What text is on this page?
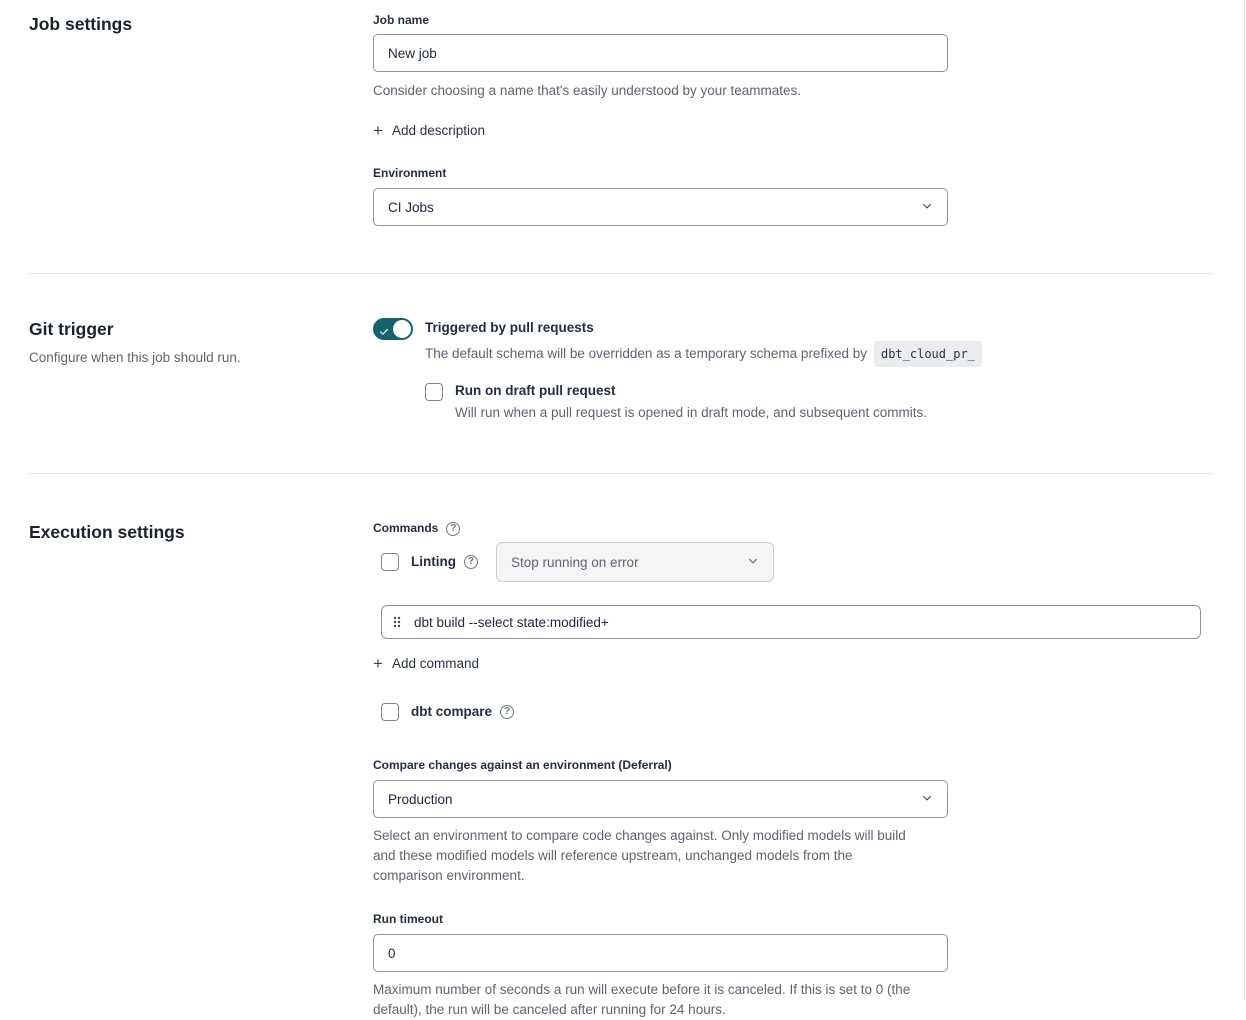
Job settings	Job name
New job
Consider choosing a name that's easily understood by your teammates.
+ Add description
Environment
CI Jobs
Git trigger

Configure when this job should run.

Triggered by pull requests
The default schema will be overridden as a temporary schema prefixed by	dbt_cloud_pr_
Run on draft pull request
Will run when a pull request is opened in draft mode, and subsequent commits.
Execution settings	Commands	?
Linting	?	Stop running on error
dbt build --select state:modified+
+ Add command
dbt compare	?
Compare changes against an environment (Deferral)
Production
Select an environment to compare code changes against. Only modified models will build and these modified models will reference upstream, unchanged models from the comparison environment.
Run timeout
0
Maximum number of seconds a run will execute before it is canceled. If this is set to 0 (the default), the run will be canceled after running for 24 hours.
